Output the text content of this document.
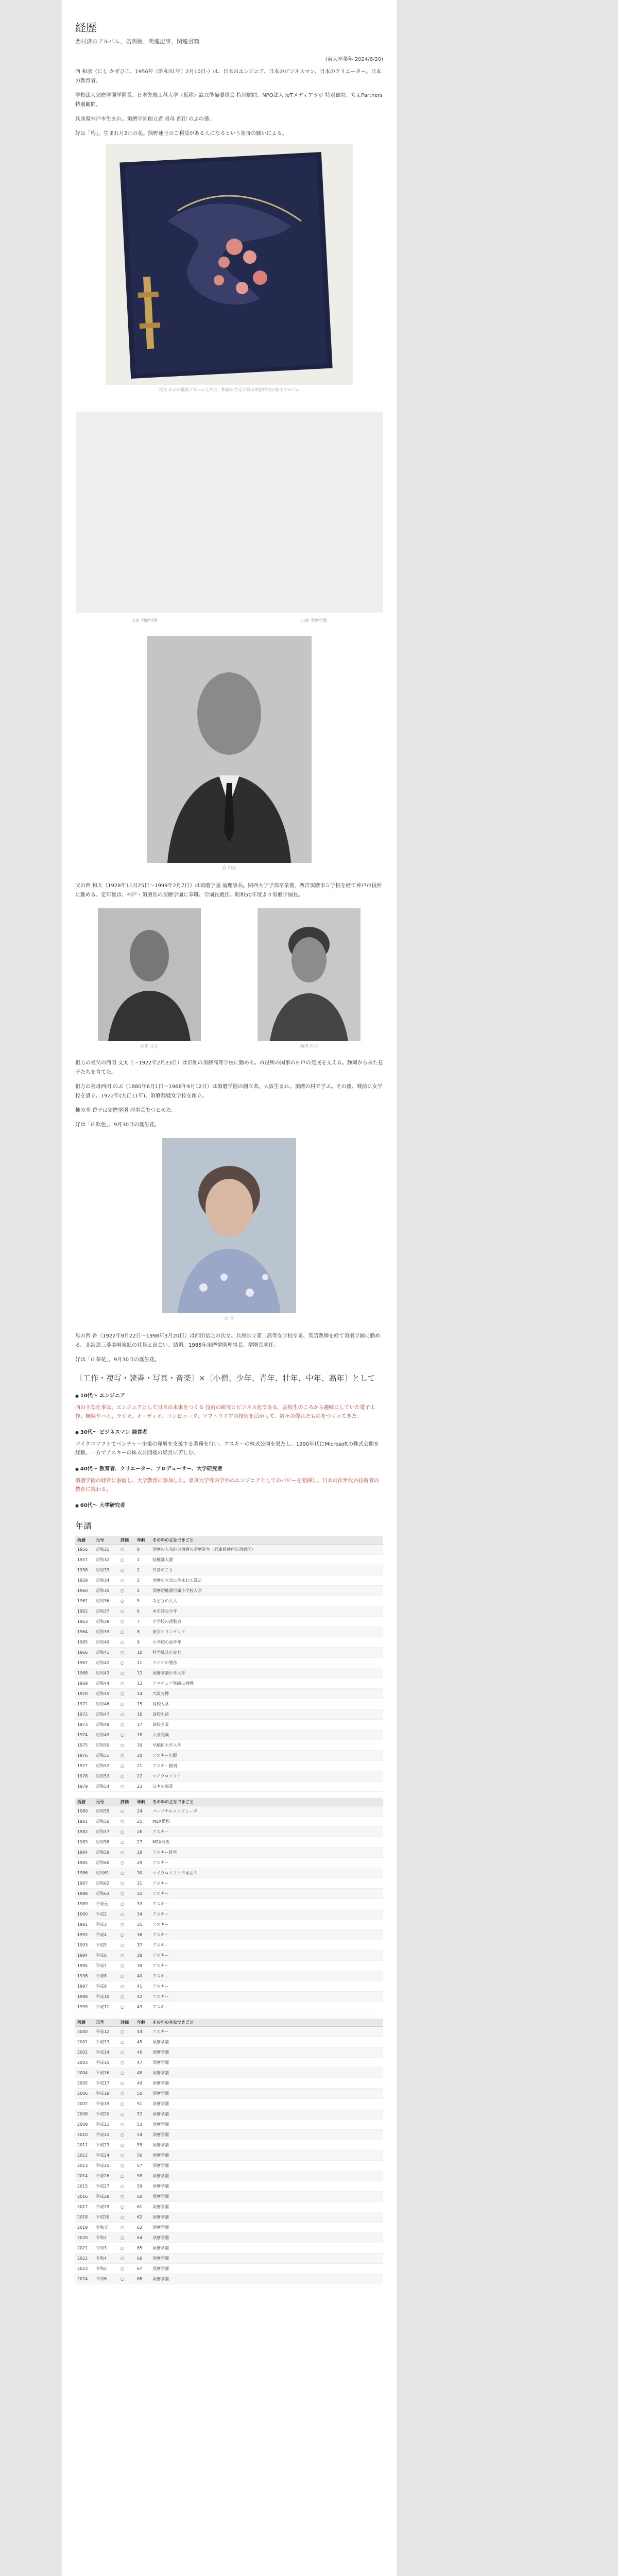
経歴
西村済のアルバム、名刺帳、関連記事、関連書籍
(東大卒業年 2024/6/20)

西 和彦（にし かずひこ、1956年（昭和31年）2月10日-）は、日本のエンジニア、日本のビジネスマン。日本のクリエーター。日本の教育者。

学校法人須磨学園学園長、日本先端工科大学（仮称）設立準備委員会 特別顧問、NPO法人 IoTメディアラボ 特別顧問、ちよPartners 特別顧問。

兵庫県神戸市生まれ。須磨学園創立者 祖母 西田 のぶの孫。

好は「梅」。生まれ月2月の花。熊野速玉のご利益がある人になるという祖母の願いによる。

祖父 のぶの遺品アルバムと共に、和彦の手元に残る明治時代の装丁アルバム
出典 須磨学園	出典 須磨学園
西 和夫

父の西 和夫（1928年11月25日〜1999年2月7日）は須磨学園 前理事長。関西大学学部卒業後、西宮須磨市立学校を経て神戸市役所に勤める。定年後は、神戸・須磨区の須磨学園に奉職、学園長就任。昭和50年度より須磨学園長。

西田 文太	西田 のぶ

祖方の祖父の西田 文太（〜1922年2月23日）は旧制の須磨高等学校に勤める。市役所の国事の神戸の発展を支える。静岡から来た息子たちを育てた。

祖方の祖母西田 のぶ（1880年6月1日〜1968年4月12日）は須磨学園の創立者。大阪生まれ。須磨の村で学ぶ。その後、戦前に女学校を設立。1922年(大正11年)、須磨裁縫女学校を創立。

柿の木 香子は須磨学園 理事長をつとめた。

好は「山吹色」、9月30日の誕生花。

西 香

母の西 香（1922年9月22日〜1998年3月20日）は西田信之の次女。兵庫県立第二高等女学校卒業、英語教師を経て須磨学園に勤める。北海道三菱美唄炭鉱の社員と出会い、結婚。1985年須磨学園理事長、学園長就任。

好は「山茶花」。9月30日の誕生花。

〔工作・複写・読書・写真・音楽〕×〔小僧、少年、青年、壮年、中年、高年〕として
● 10代〜 エンジニア
西の主な仕事は、エンジニアとして日本の未来をつくる 技術の研究とビジネス化である。高校生のころから趣味にしていた電子工作、無線やハム、ラジオ、オーディオ、コンピュータ、ソフトウエアの技術を活かして、数々の優れたものをつくってきた。
● 30代〜 ビジネスマン 経営者
マイクロソフトでベンチャー企業の発展を支援する業務を行い、アスキーの株式公開を果たし、1990年代にMicrosoftの株式公開を経験。一方でアスキーの株式公開後の経営に苦しむ。
● 40代〜 教育者、クリエーター、プロデューサー、大学研究者
須磨学園の経営に参画し、大学教育に参加した。東京大学等の学外のエンジニアとしてのパワーを発揮し、日本の次世代の技術者の教育に携わる。
● 60代〜 大学研究者
年譜
西暦	元号	評価	年齢	その年の主なできごと
1956	昭和31	○	0	須磨の人気町の須磨の須磨誕生（兵庫県神戸市須磨区）
1957	昭和32	○	1	幼稚園入園
1958	昭和33	○	2	日常のこと
1959	昭和34	○	3	須磨の大会に生まれて遊ぶ
1960	昭和35	○	4	須磨幼稚園付属小学校入学
1961	昭和36	○	5	みどりの大人
1962	昭和37	○	6	本を読む少年
1963	昭和38	○	7	小学校の運動会
1964	昭和39	○	8	東京オリンピック
1965	昭和40	○	9	小学校の高学年
1966	昭和41	○	10	科学雑誌を読む
1967	昭和42	○	11	ラジオの製作
1968	昭和43	○	12	須磨学園中学入学
1969	昭和44	○	13	アマチュア無線に挑戦
1970	昭和45	○	14	大阪万博
1971	昭和46	○	15	高校入学
1972	昭和47	○	16	高校生活
1973	昭和48	○	17	高校卒業
1974	昭和49	○	18	大学受験
1975	昭和50	○	19	早稲田大学入学
1976	昭和51	○	20	アスキー出版
1977	昭和52	○	21	アスキー創刊
1978	昭和53	○	22	マイクロソフト
1979	昭和54	○	23	日本の事業
西暦	元号	評価	年齢	その年の主なできごと
1980	昭和55	○	24	パーソナルコンピュータ
1981	昭和56	○	25	MSX構想
1982	昭和57	○	26	アスキー
1983	昭和58	○	27	MSX発表
1984	昭和59	○	28	アスキー経営
1985	昭和60	○	29	アスキー
1986	昭和61	○	30	マイクロソフト日本法人
1987	昭和62	○	31	アスキー
1988	昭和63	○	32	アスキー
1989	平成元	○	33	アスキー
1990	平成2	○	34	アスキー
1991	平成3	○	35	アスキー
1992	平成4	○	36	アスキー
1993	平成5	○	37	アスキー
1994	平成6	○	38	アスキー
1995	平成7	○	39	アスキー
1996	平成8	○	40	アスキー
1997	平成9	○	41	アスキー
1998	平成10	○	42	アスキー
1999	平成11	○	43	アスキー
西暦	元号	評価	年齢	その年の主なできごと
2000	平成12	○	44	アスキー
2001	平成13	○	45	須磨学園
2002	平成14	○	46	須磨学園
2003	平成15	○	47	須磨学園
2004	平成16	○	48	須磨学園
2005	平成17	○	49	須磨学園
2006	平成18	○	50	須磨学園
2007	平成19	○	51	須磨学園
2008	平成20	○	52	須磨学園
2009	平成21	○	53	須磨学園
2010	平成22	○	54	須磨学園
2011	平成23	○	55	須磨学園
2012	平成24	○	56	須磨学園
2013	平成25	○	57	須磨学園
2014	平成26	○	58	須磨学園
2015	平成27	○	59	須磨学園
2016	平成28	○	60	須磨学園
2017	平成29	○	61	須磨学園
2018	平成30	○	62	須磨学園
2019	令和元	○	63	須磨学園
2020	令和2	○	64	須磨学園
2021	令和3	○	65	須磨学園
2022	令和4	○	66	須磨学園
2023	令和5	○	67	須磨学園
2024	令和6	○	68	須磨学園
